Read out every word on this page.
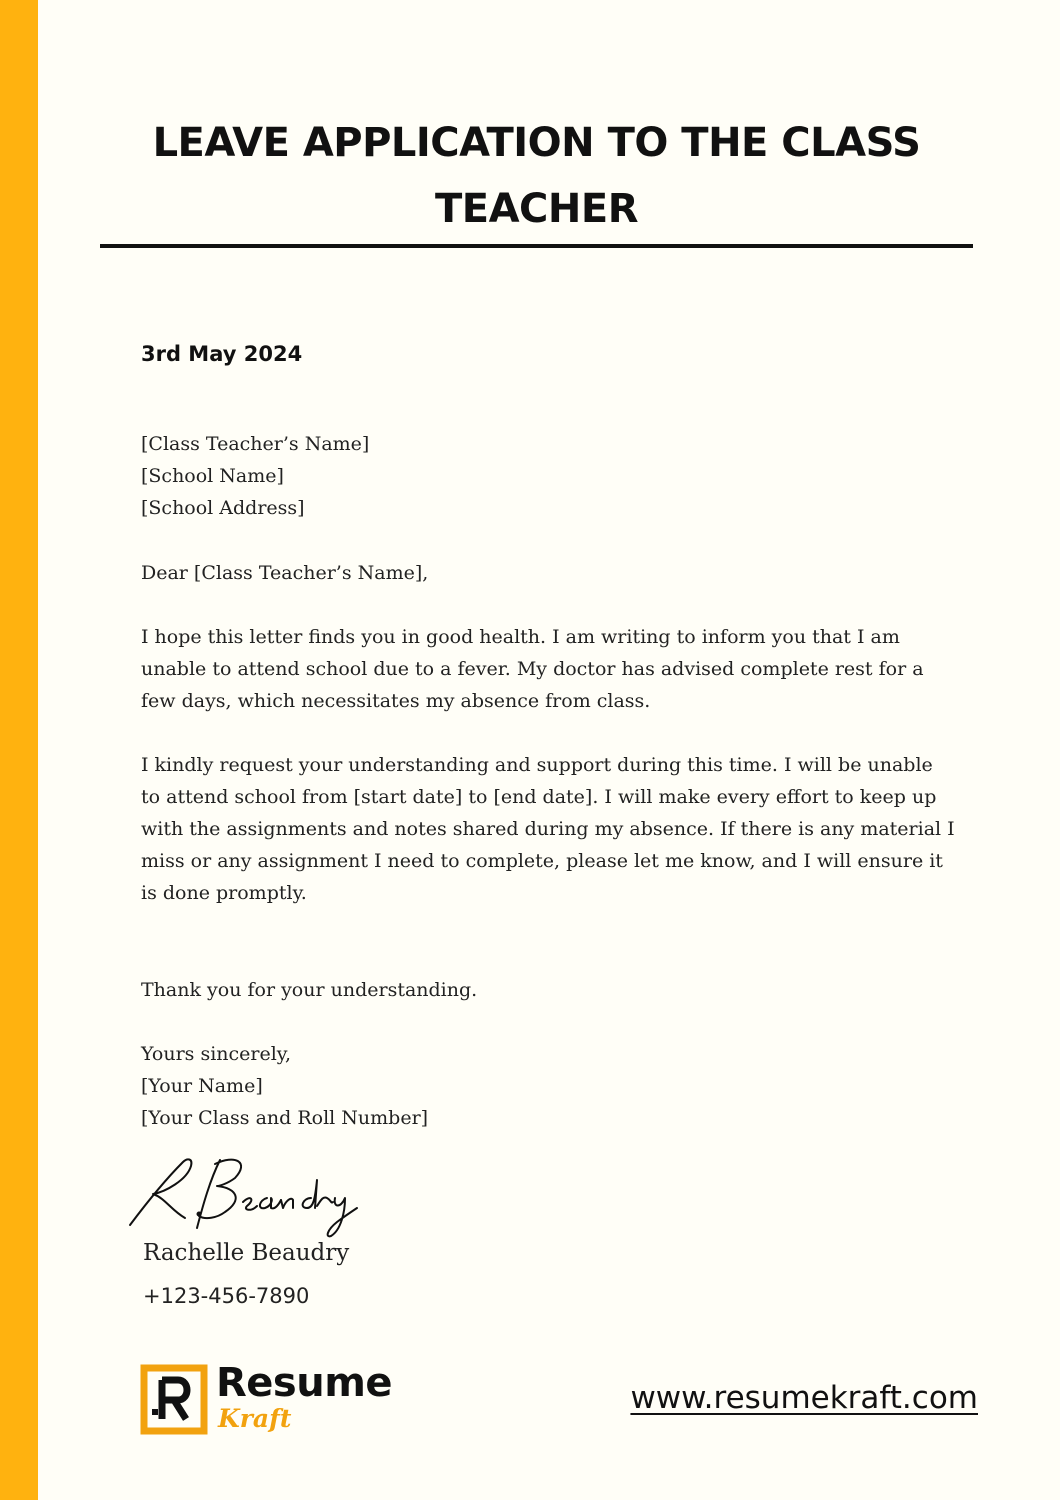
LEAVE APPLICATION TO THE CLASS TEACHER
3rd May 2024
[Class Teacher’s Name]
[School Name]
[School Address]
Dear [Class Teacher’s Name],

I hope this letter finds you in good health. I am writing to inform you that I am unable to attend school due to a fever. My doctor has advised complete rest for a few days, which necessitates my absence from class.

I kindly request your understanding and support during this time. I will be unable to attend school from [start date] to [end date]. I will make every effort to keep up with the assignments and notes shared during my absence. If there is any material I miss or any assignment I need to complete, please let me know, and I will ensure it is done promptly.

Thank you for your understanding.
Yours sincerely,
[Your Name]
[Your Class and Roll Number]
Rachelle Beaudry
+123-456-7890
Resume
Kraft
www.resumekraft.com
